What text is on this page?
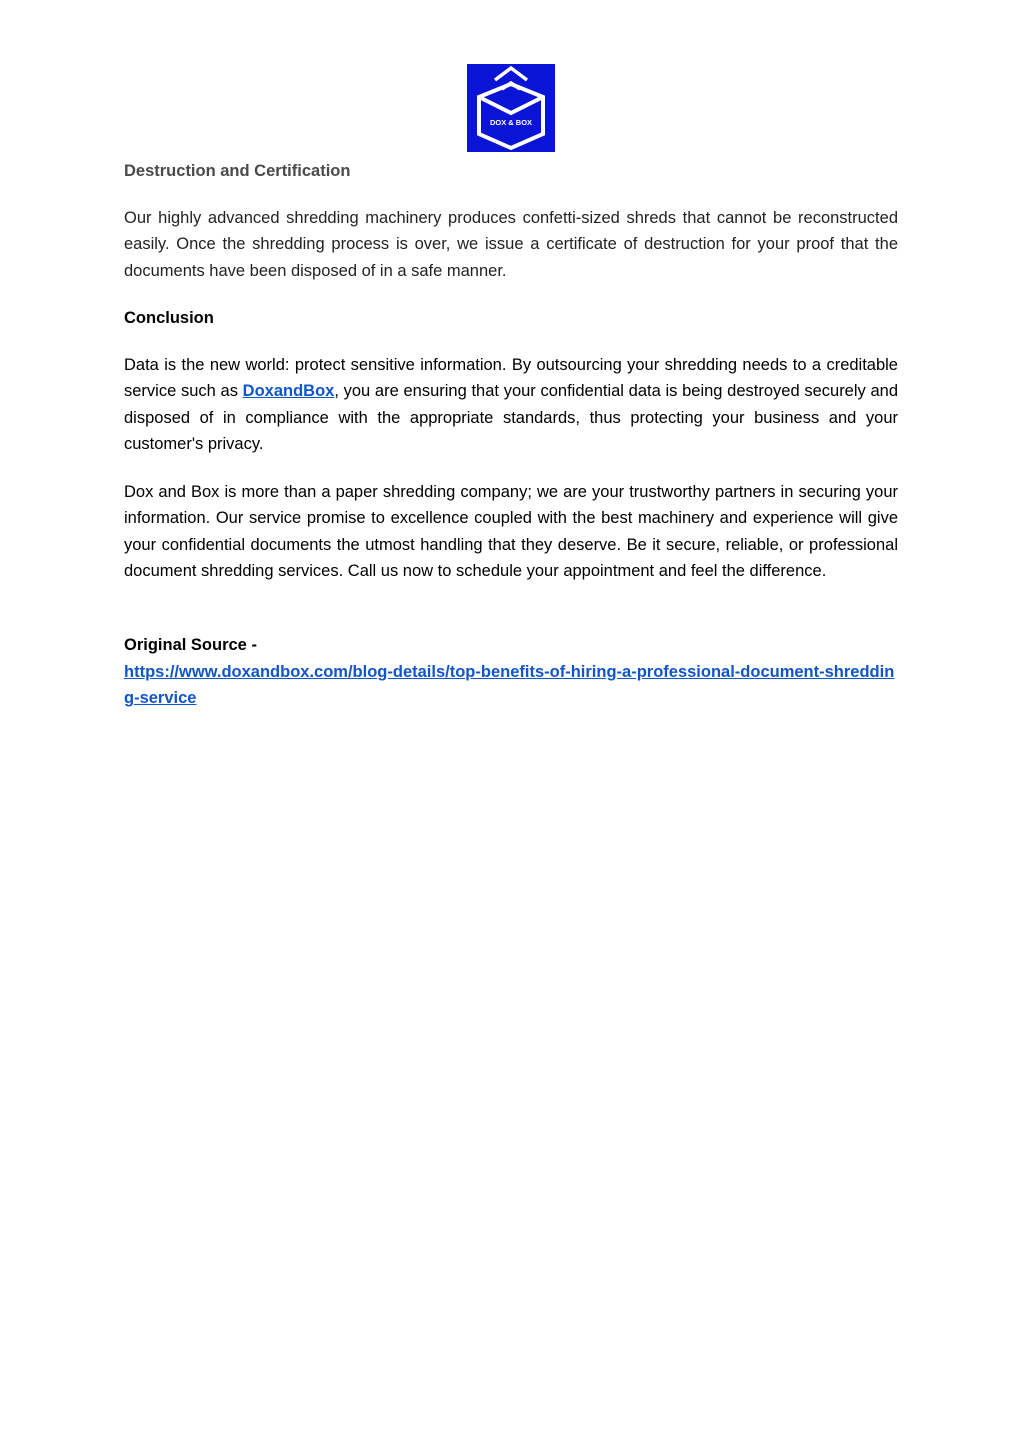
DOX & BOX
Destruction and Certification

Our highly advanced shredding machinery produces confetti-sized shreds that cannot be reconstructed easily. Once the shredding process is over, we issue a certificate of destruction for your proof that the documents have been disposed of in a safe manner.

Conclusion

Data is the new world: protect sensitive information. By outsourcing your shredding needs to a creditable service such as DoxandBox, you are ensuring that your confidential data is being destroyed securely and disposed of in compliance with the appropriate standards, thus protecting your business and your customer's privacy.

Dox and Box is more than a paper shredding company; we are your trustworthy partners in securing your information. Our service promise to excellence coupled with the best machinery and experience will give your confidential documents the utmost handling that they deserve. Be it secure, reliable, or professional document shredding services. Call us now to schedule your appointment and feel the difference.

Original Source -
https://www.doxandbox.com/blog-details/top-benefits-of-hiring-a-professional-document-shredding-service
